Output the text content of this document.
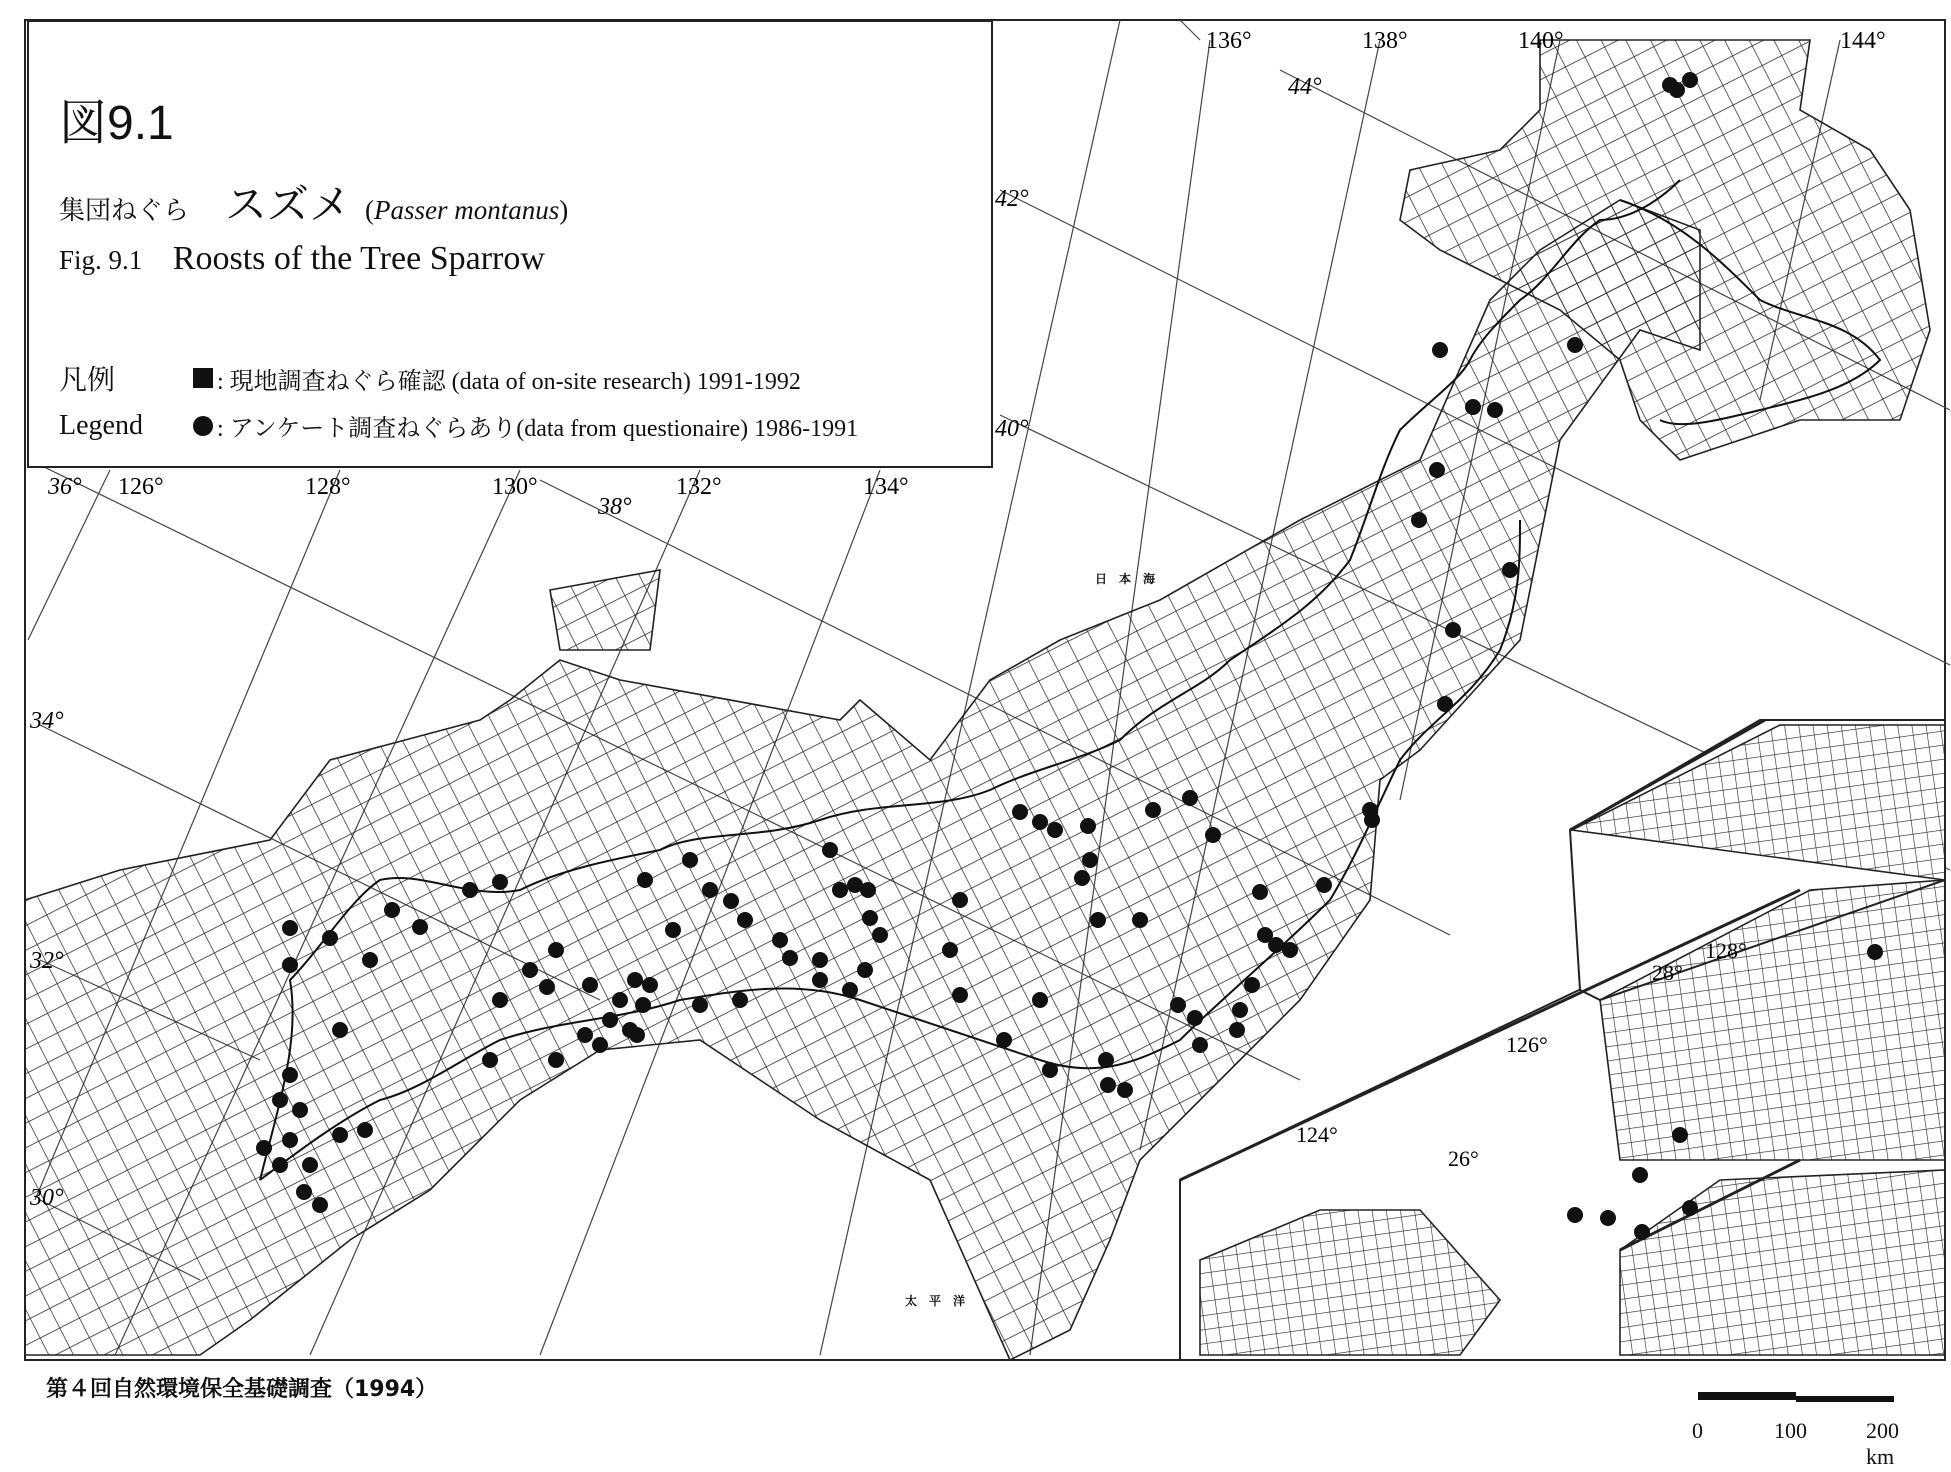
126°	128°	130°	132°	134°
136°	138°	140°	144°
36°
38°
40°
42°
44°
34°
32°
30°
28°
128°
126°
124°
26°
日　本　海
太　平　洋
図9.1
集団ねぐら スズメ (Passer montanus)
Fig. 9.1 Roosts of the Tree Sparrow
凡例	: 現地調査ねぐら確認 (data of on-site research) 1991-1992
Legend	: アンケート調査ねぐらあり(data from questionaire) 1986-1991
第４回自然環境保全基礎調査（1994）
0	100	200 km
